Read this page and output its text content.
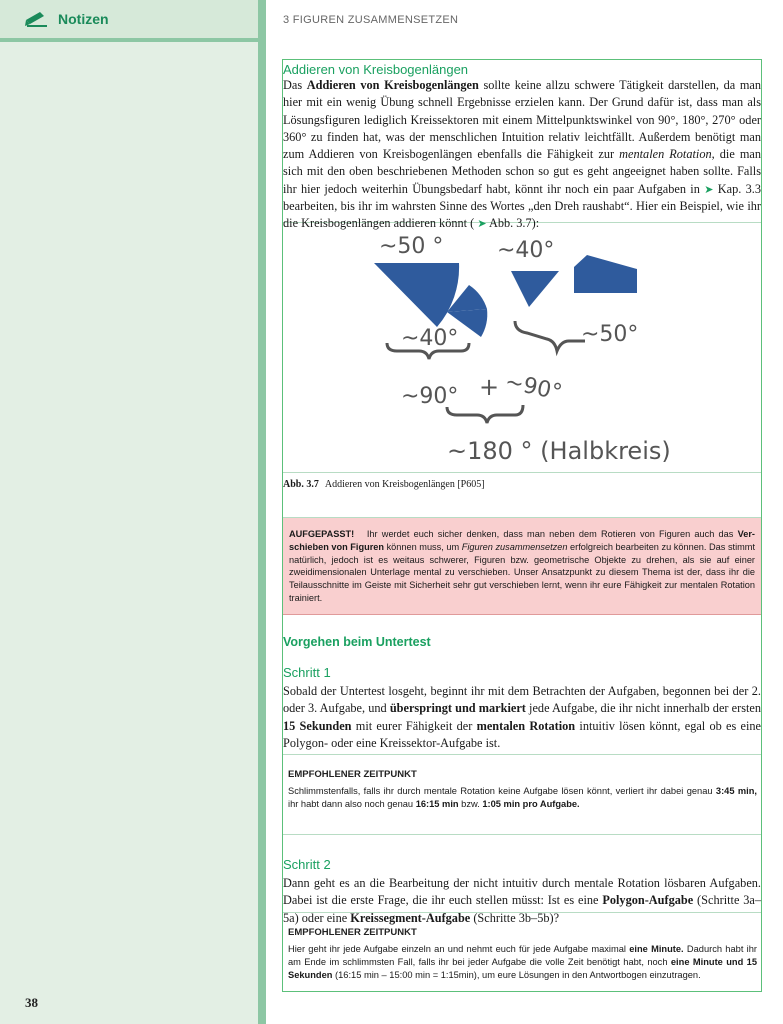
Notizen
38
3 FIGUREN ZUSAMMENSETZEN
Addieren von Kreisbogenlängen

Das Addieren von Kreisbogenlängen sollte keine allzu schwere Tätigkeit darstellen, da man hier mit ein wenig Übung schnell Ergebnisse erzielen kann. Der Grund dafür ist, dass man als Lösungsfiguren lediglich Kreissektoren mit einem Mittelpunktswinkel von 90°, 180°, 270° oder 360° zu finden hat, was der menschlichen Intuition relativ leichtfällt. Außerdem benötigt man zum Addieren von Kreisbogenlängen ebenfalls die Fähigkeit zur mentalen Rotation, die man sich mit den oben beschriebenen Methoden schon so gut es geht angeeignet haben sollte. Falls ihr hier jedoch weiterhin Übungsbedarf habt, könnt ihr noch ein paar Aufgaben in ➤ Kap. 3.3 bearbeiten, bis ihr im wahrsten Sinne des Wortes „den Dreh raushabt“. Hier ein Beispiel, wie ihr die Kreisbogenlängen addieren könnt ( ➤ Abb. 3.7):

~50 ° ~40°
~40°	~50°
~90° + ~90°
~180 ° (Halbkreis)
Abb. 3.7 Addieren von Kreisbogenlängen [P605]
AUFGEPASST! Ihr werdet euch sicher denken, dass man neben dem Rotieren von Figuren auch das Verschieben von Figuren können muss, um Figuren zusammensetzen erfolgreich bearbeiten zu können. Das stimmt natürlich, jedoch ist es weitaus schwerer, Figuren bzw. geometrische Objekte zu drehen, als sie auf einer zweidimensionalen Unterlage mental zu verschieben. Unser Ansatzpunkt zu diesem Thema ist der, dass ihr die Teilausschnitte im Geiste mit Sicherheit sehr gut verschieben lernt, wenn ihr eure Fähigkeit zur mentalen Rotation trainiert.
Vorgehen beim Untertest
Schritt 1

Sobald der Untertest losgeht, beginnt ihr mit dem Betrachten der Aufgaben, begonnen bei der 2. oder 3. Aufgabe, und überspringt und markiert jede Aufgabe, die ihr nicht innerhalb der ersten 15 Sekunden mit eurer Fähigkeit der mentalen Rotation intuitiv lösen könnt, egal ob es eine Polygon- oder eine Kreissektor-Aufgabe ist.

EMPFOHLENER ZEITPUNKT
Schlimmstenfalls, falls ihr durch mentale Rotation keine Aufgabe lösen könnt, verliert ihr dabei genau 3:45 min, ihr habt dann also noch genau 16:15 min bzw. 1:05 min pro Aufgabe.
Schritt 2

Dann geht es an die Bearbeitung der nicht intuitiv durch mentale Rotation lösbaren Aufgaben. Dabei ist die erste Frage, die ihr euch stellen müsst: Ist es eine Polygon-Aufgabe (Schritte 3a–5a) oder eine Kreissegment-Aufgabe (Schritte 3b–5b)?

EMPFOHLENER ZEITPUNKT
Hier geht ihr jede Aufgabe einzeln an und nehmt euch für jede Aufgabe maximal eine Minute. Dadurch habt ihr am Ende im schlimmsten Fall, falls ihr bei jeder Aufgabe die volle Zeit benötigt habt, noch eine Minute und 15 Sekunden (16:15 min – 15:00 min = 1:15min), um eure Lösungen in den Antwortbogen einzutragen.
